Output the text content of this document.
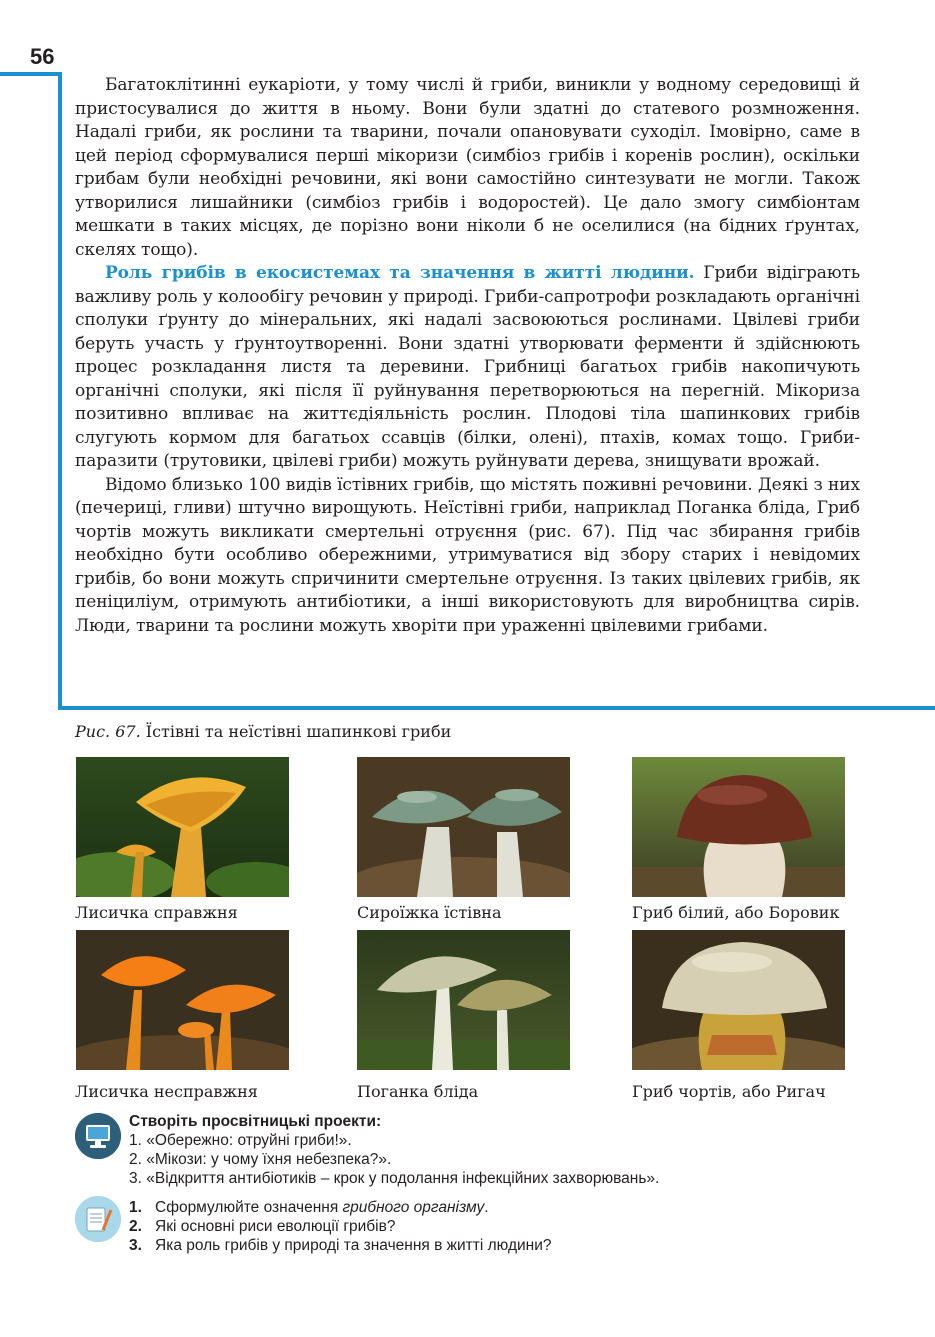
56

Багатоклітинні еукаріоти, у тому числі й гриби, виникли у водному середовищі й пристосувалися до життя в ньому. Вони були здатні до статевого розмноження. Надалі гриби, як рослини та тварини, почали опановувати суходіл. Імовірно, саме в цей період сформувалися перші мікоризи (симбіоз грибів і коренів рослин), оскільки грибам були необхідні речовини, які вони самостійно синтезувати не могли. Також утворилися лишайники (симбіоз грибів і водоростей). Це дало змогу симбіонтам мешкати в таких місцях, де порізно вони ніколи б не оселилися (на бідних ґрунтах, скелях тощо).

Роль грибів в екосистемах та значення в житті людини. Гриби відіграють важливу роль у колообігу речовин у природі. Гриби-сапротрофи розкладають органічні сполуки ґрунту до мінеральних, які надалі засвоюються рослинами. Цвілеві гриби беруть участь у ґрунтоутворенні. Вони здатні утворювати ферменти й здійснюють процес розкладання листя та деревини. Грибниці багатьох грибів накопичують органічні сполуки, які після її руйнування перетворюються на перегній. Мікориза позитивно впливає на життєдіяльність рослин. Плодові тіла шапинкових грибів слугують кормом для багатьох ссавців (білки, олені), птахів, комах тощо. Гриби-паразити (трутовики, цвілеві гриби) можуть руйнувати дерева, знищувати врожай.

Відомо близько 100 видів їстівних грибів, що містять поживні речовини. Деякі з них (печериці, гливи) штучно вирощують. Неїстівні гриби, наприклад Поганка бліда, Гриб чортів можуть викликати смертельні отруєння (рис. 67). Під час збирання грибів необхідно бути особливо обережними, утримуватися від збору старих і невідомих грибів, бо вони можуть спричинити смертельне отруєння. Із таких цвілевих грибів, як пеніциліум, отримують антибіотики, а інші використовують для виробництва сирів. Люди, тварини та рослини можуть хворіти при ураженні цвілевими грибами.

Рис. 67. Їстівні та неїстівні шапинкові гриби
Лисичка справжня	Сироїжка їстівна	Гриб білий, або Боровик
Лисичка несправжня	Поганка бліда	Гриб чортів, або Ригач
Створіть просвітницькі проекти:
1. «Обережно: отруйні гриби!».
2. «Мікози: у чому їхня небезпека?».
3. «Відкриття антибіотиків – крок у подолання інфекційних захворювань».
1. Сформулюйте означення грибного організму.
2. Які основні риси еволюції грибів?
3. Яка роль грибів у природі та значення в житті людини?
